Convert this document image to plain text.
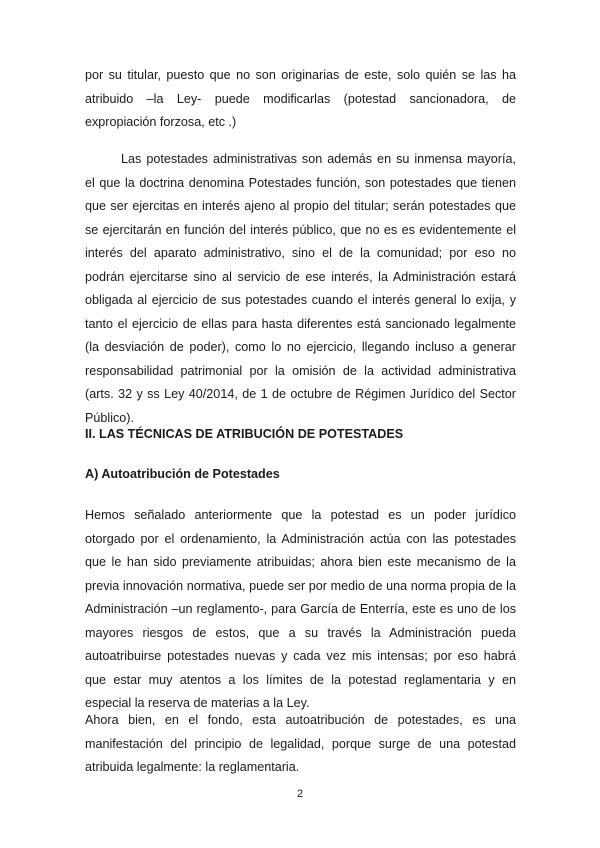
por su titular, puesto que no son originarias de este, solo quién se las ha atribuido –la Ley- puede modificarlas (potestad sancionadora, de expropiación forzosa, etc .)

Las potestades administrativas son además en su inmensa mayoría, el que la doctrina denomina Potestades función, son potestades que tienen que ser ejercitas en interés ajeno al propio del titular; serán potestades que se ejercitarán en función del interés público, que no es es evidentemente el interés del aparato administrativo, sino el de la comunidad; por eso no podrán ejercitarse sino al servicio de ese interés, la Administración estará obligada al ejercicio de sus potestades cuando el interés general lo exija, y tanto el ejercicio de ellas para hasta diferentes está sancionado legalmente (la desviación de poder), como lo no ejercicio, llegando incluso a generar responsabilidad patrimonial por la omisión de la actividad administrativa (arts. 32 y ss Ley 40/2014, de 1 de octubre de Régimen Jurídico del Sector Público).

II. LAS TÉCNICAS DE ATRIBUCIÓN DE POTESTADES
A) Autoatribución de Potestades

Hemos señalado anteriormente que la potestad es un poder jurídico otorgado por el ordenamiento, la Administración actúa con las potestades que le han sido previamente atribuidas; ahora bien este mecanismo de la previa innovación normativa, puede ser por medio de una norma propia de la Administración –un reglamento-, para García de Enterría, este es uno de los mayores riesgos de estos, que a su través la Administración pueda autoatribuirse potestades nuevas y cada vez mis intensas; por eso habrá que estar muy atentos a los límites de la potestad reglamentaria y en especial la reserva de materias a la Ley.

Ahora bien, en el fondo, esta autoatribución de potestades, es una manifestación del principio de legalidad, porque surge de una potestad atribuida legalmente: la reglamentaria.

2
